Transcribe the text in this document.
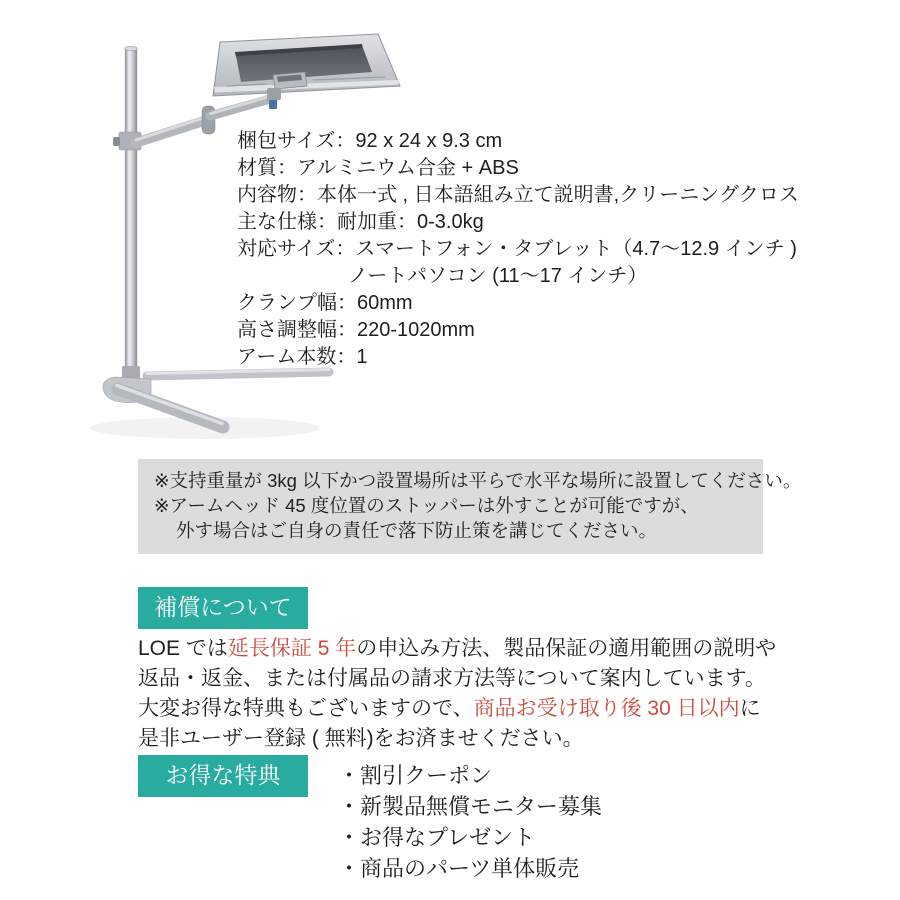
梱包サイズ：92 x 24 x 9.3 cm
材質：アルミニウム合金 + ABS
内容物：本体一式 , 日本語組み立て説明書,クリーニングクロス
主な仕様：耐加重：0-3.0kg
対応サイズ：スマートフォン・タブレット（4.7〜12.9 インチ )
ノートパソコン (11〜17 インチ）
クランプ幅：60mm
高さ調整幅：220-1020mm
アーム本数：1
※支持重量が 3kg 以下かつ設置場所は平らで水平な場所に設置してください。
※アームヘッド 45 度位置のストッパーは外すことが可能ですが、
外す場合はご自身の責任で落下防止策を講じてください。
補償について
LOE では延長保証 5 年の申込み方法、製品保証の適用範囲の説明や
返品・返金、または付属品の請求方法等について案内しています。
大変お得な特典もございますので、商品お受け取り後 30 日以内に
是非ユーザー登録 ( 無料)をお済ませください。
お得な特典	・割引クーポン
・新製品無償モニター募集
・お得なプレゼント
・商品のパーツ単体販売
